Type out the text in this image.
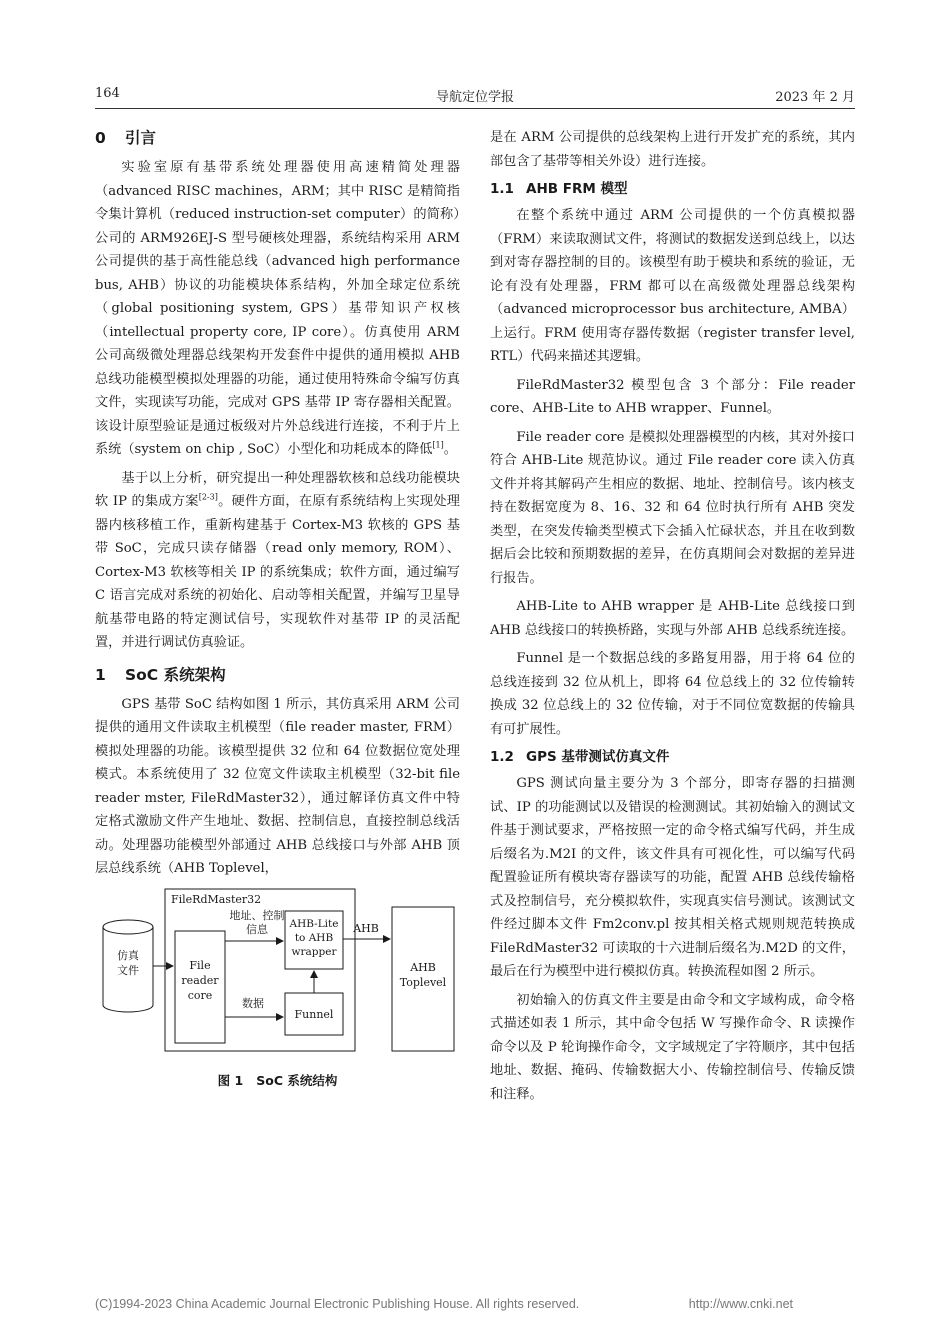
164	导航定位学报	2023 年 2 月
0 引言

实验室原有基带系统处理器使用高速精简处理器（advanced RISC machines，ARM；其中 RISC 是精简指令集计算机（reduced instruction-set computer）的简称）公司的 ARM926EJ-S 型号硬核处理器，系统结构采用 ARM 公司提供的基于高性能总线（advanced high performance bus, AHB）协议的功能模块体系结构，外加全球定位系统（global positioning system, GPS）基带知识产权核（intellectual property core, IP core）。仿真使用 ARM 公司高级微处理器总线架构开发套件中提供的通用模拟 AHB 总线功能模型模拟处理器的功能，通过使用特殊命令编写仿真文件，实现读写功能，完成对 GPS 基带 IP 寄存器相关配置。该设计原型验证是通过板级对片外总线进行连接，不利于片上系统（system on chip , SoC）小型化和功耗成本的降低[1]。

基于以上分析，研究提出一种处理器软核和总线功能模块软 IP 的集成方案[2-3]。硬件方面，在原有系统结构上实现处理器内核移植工作，重新构建基于 Cortex-M3 软核的 GPS 基带 SoC，完成只读存储器（read only memory, ROM）、Cortex-M3 软核等相关 IP 的系统集成；软件方面，通过编写 C 语言完成对系统的初始化、启动等相关配置，并编写卫星导航基带电路的特定测试信号，实现软件对基带 IP 的灵活配置，并进行调试仿真验证。

1 SoC 系统架构

GPS 基带 SoC 结构如图 1 所示，其仿真采用 ARM 公司提供的通用文件读取主机模型（file reader master, FRM）模拟处理器的功能。该模型提供 32 位和 64 位数据位宽处理模式。本系统使用了 32 位宽文件读取主机模型（32-bit file reader mster, FileRdMaster32），通过解译仿真文件中特定格式激励文件产生地址、数据、控制信息，直接控制总线活动。处理器功能模型外部通过 AHB 总线接口与外部 AHB 顶层总线系统（AHB Toplevel，

FileRdMaster32
仿真
文件	File
reader
core
地址、控制
信息
数据
AHB-Lite
to AHB
wrapper
Funnel
AHB
AHB
Toplevel
图 1 SoC 系统结构

是在 ARM 公司提供的总线架构上进行开发扩充的系统，其内部包含了基带等相关外设）进行连接。

1.1 AHB FRM 模型

在整个系统中通过 ARM 公司提供的一个仿真模拟器（FRM）来读取测试文件，将测试的数据发送到总线上，以达到对寄存器控制的目的。该模型有助于模块和系统的验证，无论有没有处理器，FRM 都可以在高级微处理器总线架构（advanced microprocessor bus architecture, AMBA）上运行。FRM 使用寄存器传数据（register transfer level, RTL）代码来描述其逻辑。

FileRdMaster32 模型包含 3 个部分：File reader core、AHB-Lite to AHB wrapper、Funnel。

File reader core 是模拟处理器模型的内核，其对外接口符合 AHB-Lite 规范协议。通过 File reader core 读入仿真文件并将其解码产生相应的数据、地址、控制信号。该内核支持在数据宽度为 8、16、32 和 64 位时执行所有 AHB 突发类型，在突发传输类型模式下会插入忙碌状态，并且在收到数据后会比较和预期数据的差异，在仿真期间会对数据的差异进行报告。

AHB-Lite to AHB wrapper 是 AHB-Lite 总线接口到 AHB 总线接口的转换桥路，实现与外部 AHB 总线系统连接。

Funnel 是一个数据总线的多路复用器，用于将 64 位的总线连接到 32 位从机上，即将 64 位总线上的 32 位传输转换成 32 位总线上的 32 位传输，对于不同位宽数据的传输具有可扩展性。

1.2 GPS 基带测试仿真文件

GPS 测试向量主要分为 3 个部分，即寄存器的扫描测试、IP 的功能测试以及错误的检测测试。其初始输入的测试文件基于测试要求，严格按照一定的命令格式编写代码，并生成后缀名为.M2I 的文件，该文件具有可视化性，可以编写代码配置验证所有模块寄存器读写的功能，配置 AHB 总线传输格式及控制信号，充分模拟软件，实现真实信号测试。该测试文件经过脚本文件 Fm2conv.pl 按其相关格式规则规范转换成 FileRdMaster32 可读取的十六进制后缀名为.M2D 的文件，最后在行为模型中进行模拟仿真。转换流程如图 2 所示。

初始输入的仿真文件主要是由命令和文字域构成，命令格式描述如表 1 所示，其中命令包括 W 写操作命令、R 读操作命令以及 P 轮询操作命令，文字域规定了字符顺序，其中包括地址、数据、掩码、传输数据大小、传输控制信号、传输反馈和注释。

(C)1994-2023 China Academic Journal Electronic Publishing House. All rights reserved.	http://www.cnki.net
